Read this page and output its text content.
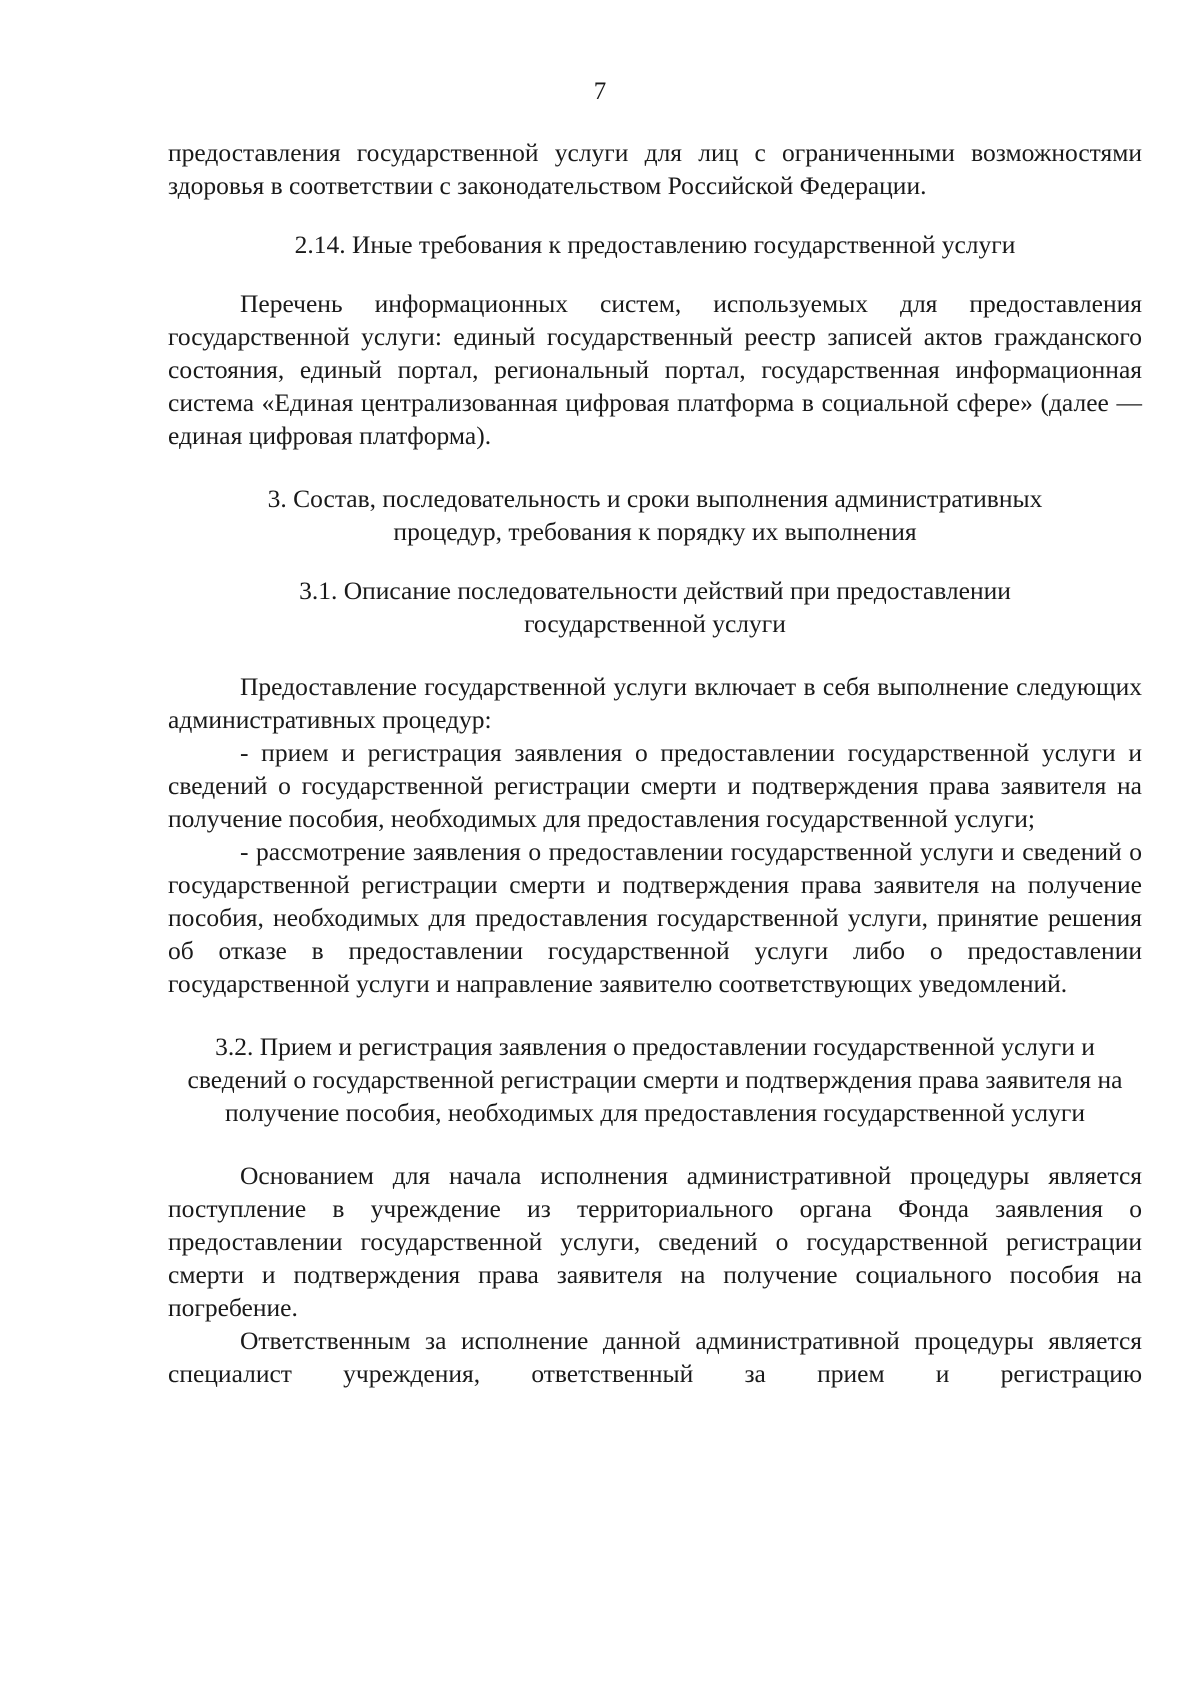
7

предоставления государственной услуги для лиц с ограниченными возможностями здоровья в соответствии с законодательством Российской Федерации.

2.14. Иные требования к предоставлению государственной услуги

Перечень информационных систем, используемых для предоставления государственной услуги: единый государственный реестр записей актов гражданского состояния, единый портал, региональный портал, государственная информационная система «Единая централизованная цифровая платформа в социальной сфере» (далее — единая цифровая платформа).

3. Состав, последовательность и сроки выполнения административных процедур, требования к порядку их выполнения

3.1. Описание последовательности действий при предоставлении государственной услуги

Предоставление государственной услуги включает в себя выполнение следующих административных процедур:

- прием и регистрация заявления о предоставлении государственной услуги и сведений о государственной регистрации смерти и подтверждения права заявителя на получение пособия, необходимых для предоставления государственной услуги;

- рассмотрение заявления о предоставлении государственной услуги и сведений о государственной регистрации смерти и подтверждения права заявителя на получение пособия, необходимых для предоставления государственной услуги, принятие решения об отказе в предоставлении государственной услуги либо о предоставлении государственной услуги и направление заявителю соответствующих уведомлений.

3.2. Прием и регистрация заявления о предоставлении государственной услуги и сведений о государственной регистрации смерти и подтверждения права заявителя на получение пособия, необходимых для предоставления государственной услуги

Основанием для начала исполнения административной процедуры является поступление в учреждение из территориального органа Фонда заявления о предоставлении государственной услуги, сведений о государственной регистрации смерти и подтверждения права заявителя на получение социального пособия на погребение.

Ответственным за исполнение данной административной процедуры является специалист учреждения, ответственный за прием и регистрацию
